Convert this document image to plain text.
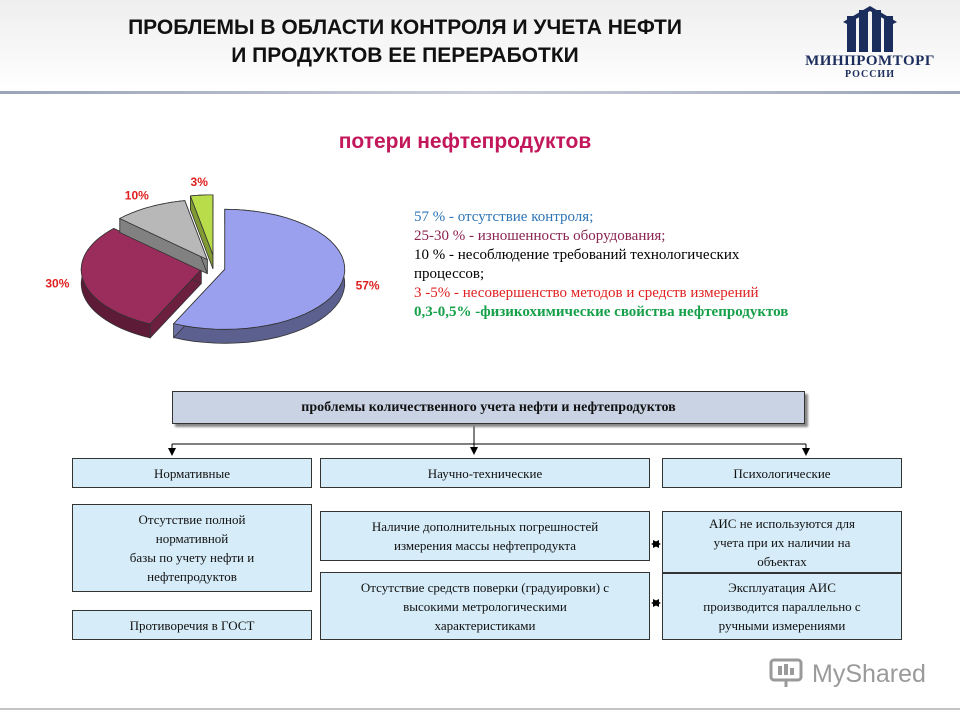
ПРОБЛЕМЫ В ОБЛАСТИ КОНТРОЛЯ И УЧЕТА НЕФТИ
И ПРОДУКТОВ ЕЕ ПЕРЕРАБОТКИ	МИНПРОМТОРГ
РОССИИ
потери нефтепродуктов
57%
30%
10%
3%
57 % - отсутствие контроля;
25-30 % - изношенность оборудования;
10 % - несоблюдение требований технологических
процессов;
3 -5% - несовершенство методов и средств измерений
0,3-0,5% -физикохимические свойства нефтепродуктов
проблемы количественного учета нефти и нефтепродуктов
Нормативные	Научно-технические	Психологические
Отсутствие полной
нормативной
базы по учету нефти и
нефтепродуктов
Противоречия в ГОСТ
Наличие дополнительных погрешностей
измерения массы нефтепродукта
Отсутствие средств поверки (градуировки) с
высокими метрологическими
характеристиками
АИС не используются для
учета при их наличии на
объектах
Эксплуатация АИС
производится параллельно с
ручными измерениями
MyShared
